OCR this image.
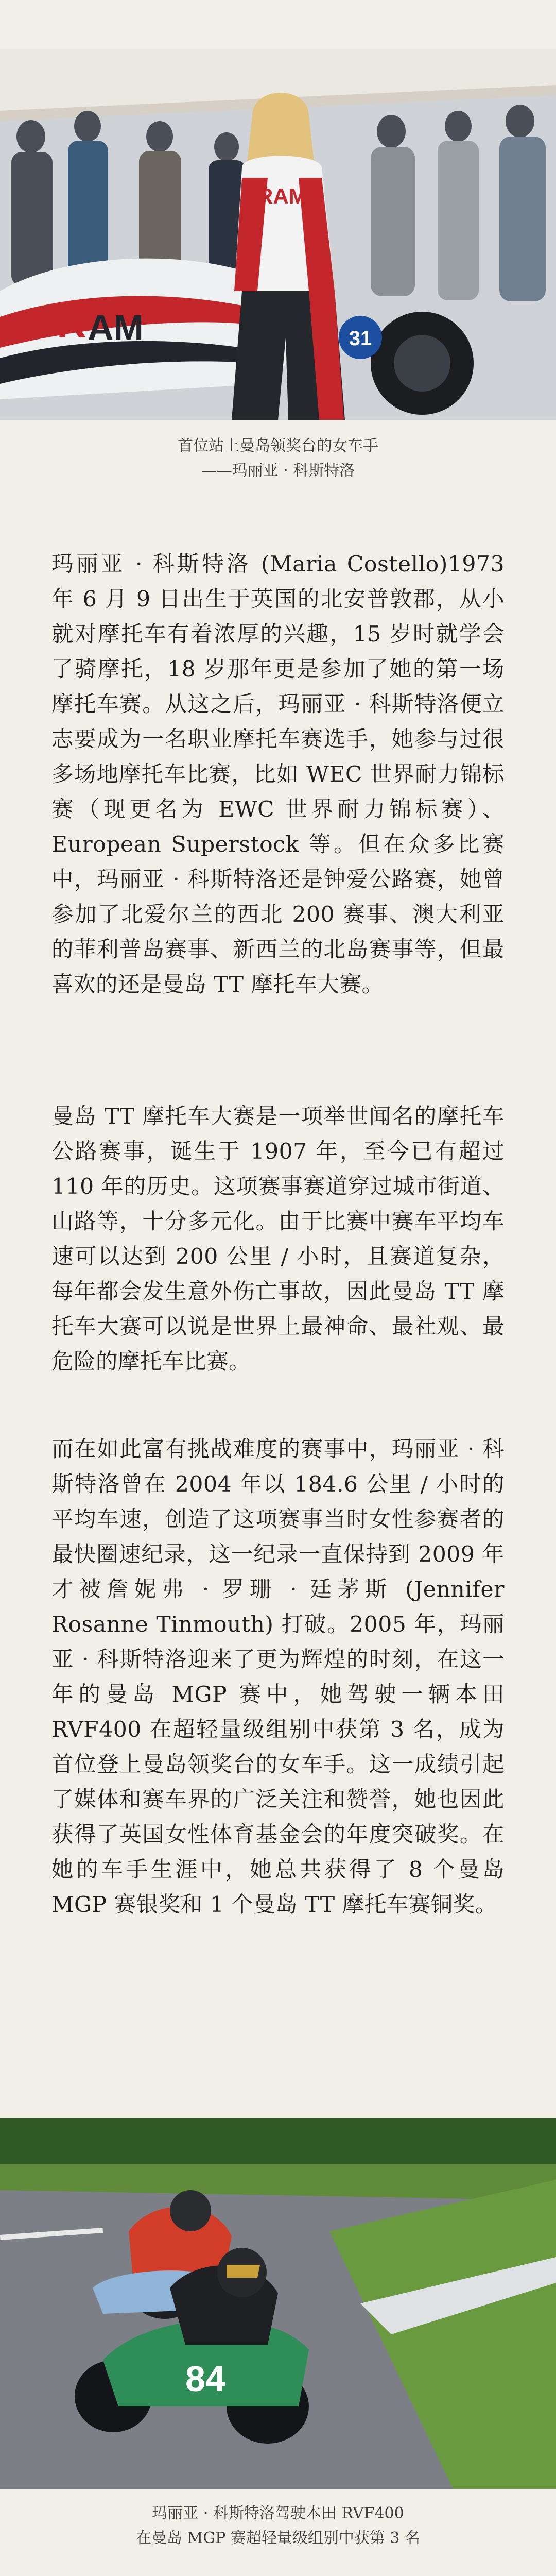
R AM
RAM
31
首位站上曼岛领奖台的女车手
——玛丽亚 · 科斯特洛

玛丽亚 · 科斯特洛 (Maria Costello)1973 年 6 月 9 日出生于英国的北安普敦郡，从小就对摩托车有着浓厚的兴趣，15 岁时就学会了骑摩托，18 岁那年更是参加了她的第一场摩托车赛。从这之后，玛丽亚 · 科斯特洛便立志要成为一名职业摩托车赛选手，她参与过很多场地摩托车比赛，比如 WEC 世界耐力锦标赛（现更名为 EWC 世界耐力锦标赛）、European Superstock 等。但在众多比赛中，玛丽亚 · 科斯特洛还是钟爱公路赛，她曾参加了北爱尔兰的西北 200 赛事、澳大利亚的菲利普岛赛事、新西兰的北岛赛事等，但最喜欢的还是曼岛 TT 摩托车大赛。

曼岛 TT 摩托车大赛是一项举世闻名的摩托车公路赛事，诞生于 1907 年，至今已有超过 110 年的历史。这项赛事赛道穿过城市街道、山路等，十分多元化。由于比赛中赛车平均车速可以达到 200 公里 / 小时，且赛道复杂，每年都会发生意外伤亡事故，因此曼岛 TT 摩托车大赛可以说是世界上最神命、最社观、最危险的摩托车比赛。

而在如此富有挑战难度的赛事中，玛丽亚 · 科斯特洛曾在 2004 年以 184.6 公里 / 小时的平均车速，创造了这项赛事当时女性参赛者的最快圈速纪录，这一纪录一直保持到 2009 年才被詹妮弗 · 罗珊 · 廷茅斯 (Jennifer Rosanne Tinmouth) 打破。2005 年，玛丽亚 · 科斯特洛迎来了更为辉煌的时刻，在这一年的曼岛 MGP 赛中，她驾驶一辆本田 RVF400 在超轻量级组别中获第 3 名，成为首位登上曼岛领奖台的女车手。这一成绩引起了媒体和赛车界的广泛关注和赞誉，她也因此获得了英国女性体育基金会的年度突破奖。在她的车手生涯中，她总共获得了 8 个曼岛 MGP 赛银奖和 1 个曼岛 TT 摩托车赛铜奖。

84
玛丽亚 · 科斯特洛驾驶本田 RVF400
在曼岛 MGP 赛超轻量级组别中获第 3 名
